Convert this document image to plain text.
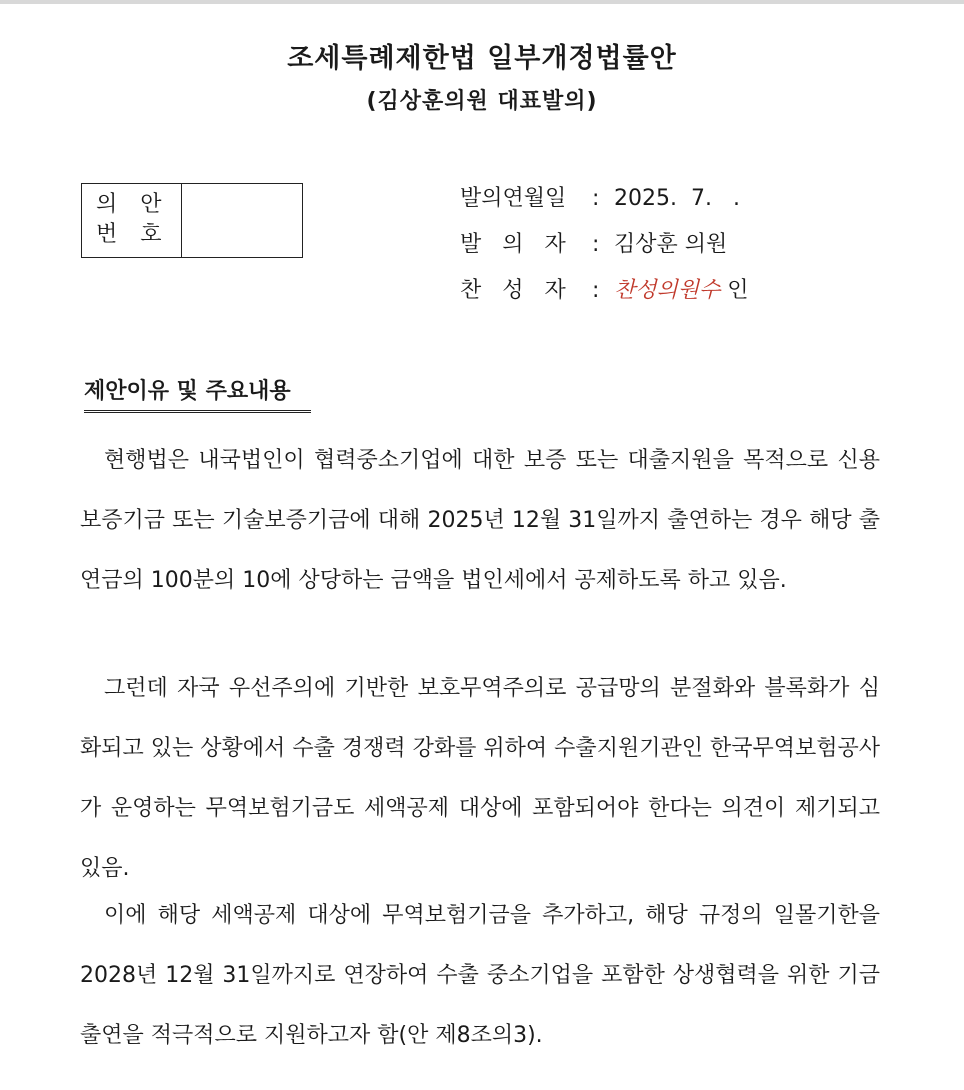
조세특례제한법 일부개정법률안
(김상훈의원 대표발의)
의 안
번 호
발의연월일	: 2025.  7.   .
발   의   자	: 김상훈 의원
찬   성   자	: 찬성의원수 인
제안이유 및 주요내용

현행법은 내국법인이 협력중소기업에 대한 보증 또는 대출지원을 목적으로 신용보증기금 또는 기술보증기금에 대해 2025년 12월 31일까지 출연하는 경우 해당 출연금의 100분의 10에 상당하는 금액을 법인세에서 공제하도록 하고 있음.

그런데 자국 우선주의에 기반한 보호무역주의로 공급망의 분절화와 블록화가 심화되고 있는 상황에서 수출 경쟁력 강화를 위하여 수출지원기관인 한국무역보험공사가 운영하는 무역보험기금도 세액공제 대상에 포함되어야 한다는 의견이 제기되고 있음.

이에 해당 세액공제 대상에 무역보험기금을 추가하고, 해당 규정의 일몰기한을 2028년 12월 31일까지로 연장하여 수출 중소기업을 포함한 상생협력을 위한 기금 출연을 적극적으로 지원하고자 함(안 제8조의3).
